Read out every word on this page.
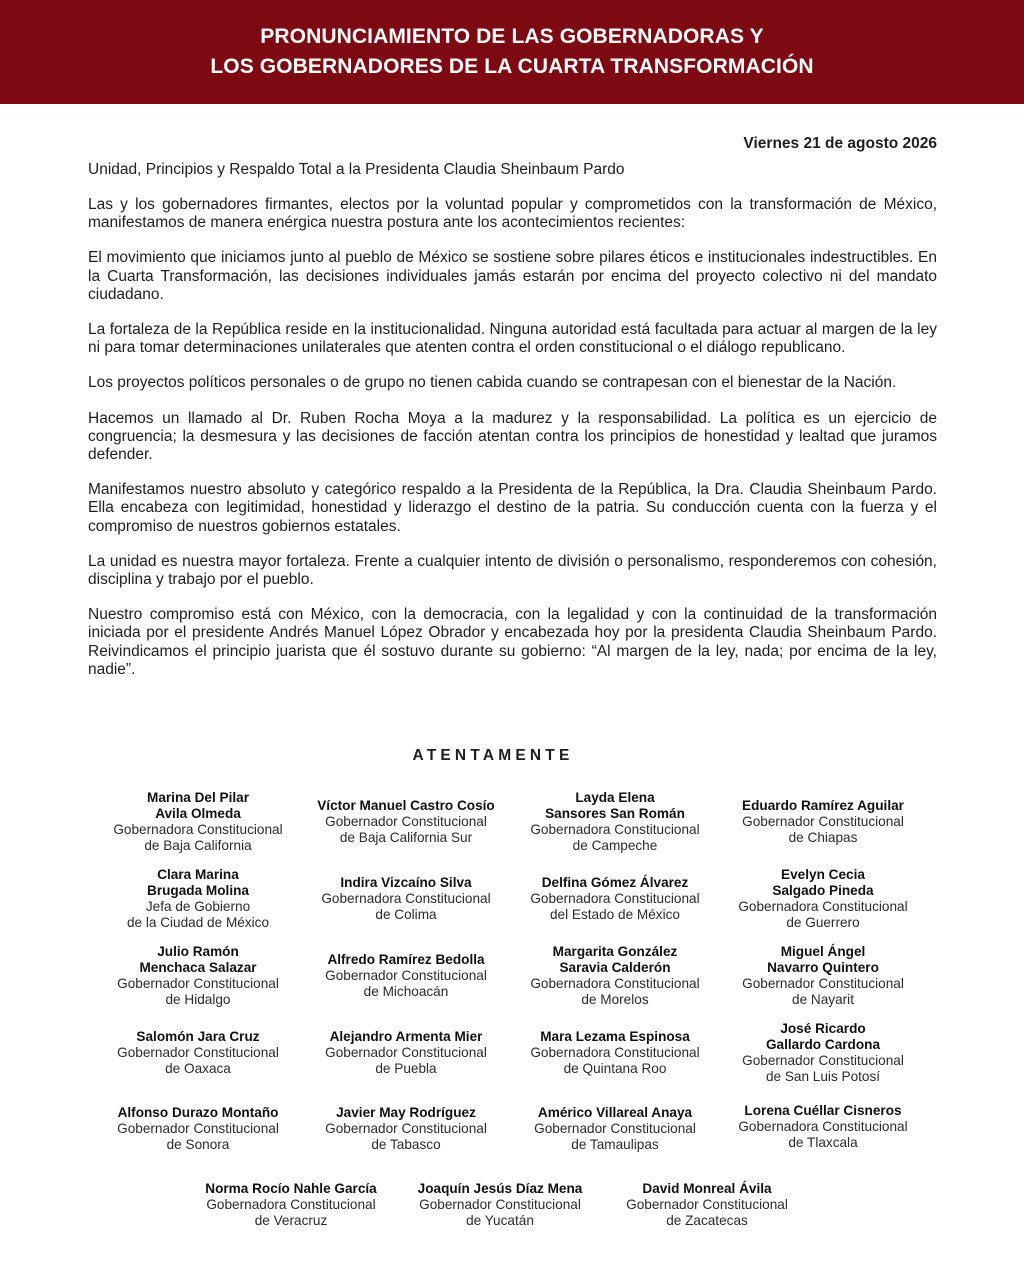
PRONUNCIAMIENTO DE LAS GOBERNADORAS Y
LOS GOBERNADORES DE LA CUARTA TRANSFORMACIÓN
Viernes 21 de agosto 2026
Unidad, Principios y Respaldo Total a la Presidenta Claudia Sheinbaum Pardo

Las y los gobernadores firmantes, electos por la voluntad popular y comprometidos con la transformación de México, manifestamos de manera enérgica nuestra postura ante los acontecimientos recientes:

El movimiento que iniciamos junto al pueblo de México se sostiene sobre pilares éticos e institucionales indestructibles. En la Cuarta Transformación, las decisiones individuales jamás estarán por encima del proyecto colectivo ni del mandato ciudadano.

La fortaleza de la República reside en la institucionalidad. Ninguna autoridad está facultada para actuar al margen de la ley ni para tomar determinaciones unilaterales que atenten contra el orden constitucional o el diálogo republicano.

Los proyectos políticos personales o de grupo no tienen cabida cuando se contrapesan con el bienestar de la Nación.

Hacemos un llamado al Dr. Ruben Rocha Moya a la madurez y la responsabilidad. La política es un ejercicio de congruencia; la desmesura y las decisiones de facción atentan contra los principios de honestidad y lealtad que juramos defender.

Manifestamos nuestro absoluto y categórico respaldo a la Presidenta de la República, la Dra. Claudia Sheinbaum Pardo. Ella encabeza con legitimidad, honestidad y liderazgo el destino de la patria. Su conducción cuenta con la fuerza y el compromiso de nuestros gobiernos estatales.

La unidad es nuestra mayor fortaleza. Frente a cualquier intento de división o personalismo, responderemos con cohesión, disciplina y trabajo por el pueblo.

Nuestro compromiso está con México, con la democracia, con la legalidad y con la continuidad de la transformación iniciada por el presidente Andrés Manuel López Obrador y encabezada hoy por la presidenta Claudia Sheinbaum Pardo. Reivindicamos el principio juarista que él sostuvo durante su gobierno: “Al margen de la ley, nada; por encima de la ley, nadie”.

ATENTAMENTE
Marina Del Pilar
Avila Olmeda
Gobernadora Constitucional
de Baja California
Víctor Manuel Castro Cosío
Gobernador Constitucional
de Baja California Sur
Layda Elena
Sansores San Román
Gobernadora Constitucional
de Campeche
Eduardo Ramírez Aguilar
Gobernador Constitucional
de Chiapas
Clara Marina
Brugada Molina
Jefa de Gobierno
de la Ciudad de México
Indira Vizcaíno Silva
Gobernadora Constitucional
de Colima
Delfina Gómez Álvarez
Gobernadora Constitucional
del Estado de México
Evelyn Cecia
Salgado Pineda
Gobernadora Constitucional
de Guerrero
Julio Ramón
Menchaca Salazar
Gobernador Constitucional
de Hidalgo
Alfredo Ramírez Bedolla
Gobernador Constitucional
de Michoacán
Margarita González
Saravia Calderón
Gobernadora Constitucional
de Morelos
Miguel Ángel
Navarro Quintero
Gobernador Constitucional
de Nayarit
Salomón Jara Cruz
Gobernador Constitucional
de Oaxaca
Alejandro Armenta Mier
Gobernador Constitucional
de Puebla
Mara Lezama Espinosa
Gobernadora Constitucional
de Quintana Roo
José Ricardo
Gallardo Cardona
Gobernador Constitucional
de San Luis Potosí
Alfonso Durazo Montaño
Gobernador Constitucional
de Sonora
Javier May Rodríguez
Gobernador Constitucional
de Tabasco
Américo Villareal Anaya
Gobernador Constitucional
de Tamaulipas
Lorena Cuéllar Cisneros
Gobernadora Constitucional
de Tlaxcala
Norma Rocío Nahle García
Gobernadora Constitucional
de Veracruz
Joaquín Jesús Díaz Mena
Gobernador Constitucional
de Yucatán
David Monreal Ávila
Gobernador Constitucional
de Zacatecas
